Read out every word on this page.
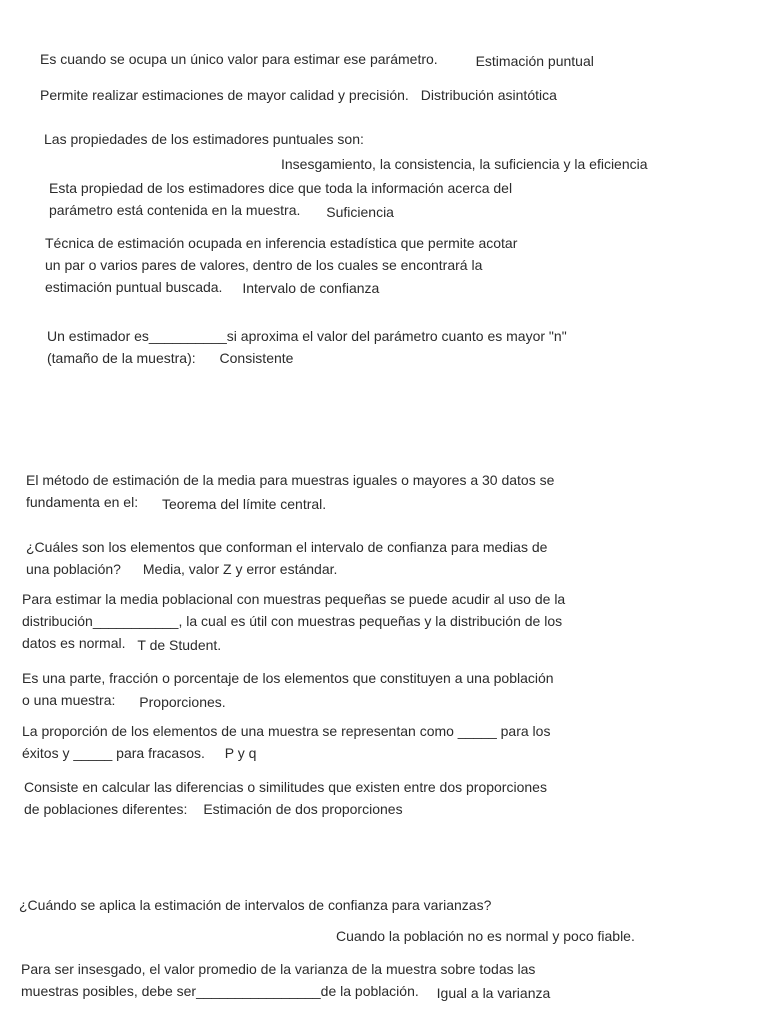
Es cuando se ocupa un único valor para estimar ese parámetro.	Estimación puntual
Permite realizar estimaciones de mayor calidad y precisión. Distribución asintótica
Las propiedades de los estimadores puntuales son:
Insesgamiento, la consistencia, la suficiencia y la eficiencia
Esta propiedad de los estimadores dice que toda la información acerca del
parámetro está contenida en la muestra. Suficiencia
Técnica de estimación ocupada en inferencia estadística que permite acotar
un par o varios pares de valores, dentro de los cuales se encontrará la
estimación puntual buscada. Intervalo de confianza
Un estimador es__________si aproxima el valor del parámetro cuanto es mayor "n"
(tamaño de la muestra): Consistente
El método de estimación de la media para muestras iguales o mayores a 30 datos se
fundamenta en el: Teorema del límite central.
¿Cuáles son los elementos que conforman el intervalo de confianza para medias de
una población? Media, valor Z y error estándar.
Para estimar la media poblacional con muestras pequeñas se puede acudir al uso de la
distribución___________, la cual es útil con muestras pequeñas y la distribución de los
datos es normal. T de Student.
Es una parte, fracción o porcentaje de los elementos que constituyen a una población
o una muestra: Proporciones.
La proporción de los elementos de una muestra se representan como _____ para los
éxitos y _____ para fracasos. P y q
Consiste en calcular las diferencias o similitudes que existen entre dos proporciones
de poblaciones diferentes: Estimación de dos proporciones
¿Cuándo se aplica la estimación de intervalos de confianza para varianzas?
Cuando la población no es normal y poco fiable.
Para ser insesgado, el valor promedio de la varianza de la muestra sobre todas las
muestras posibles, debe ser________________de la población. Igual a la varianza
